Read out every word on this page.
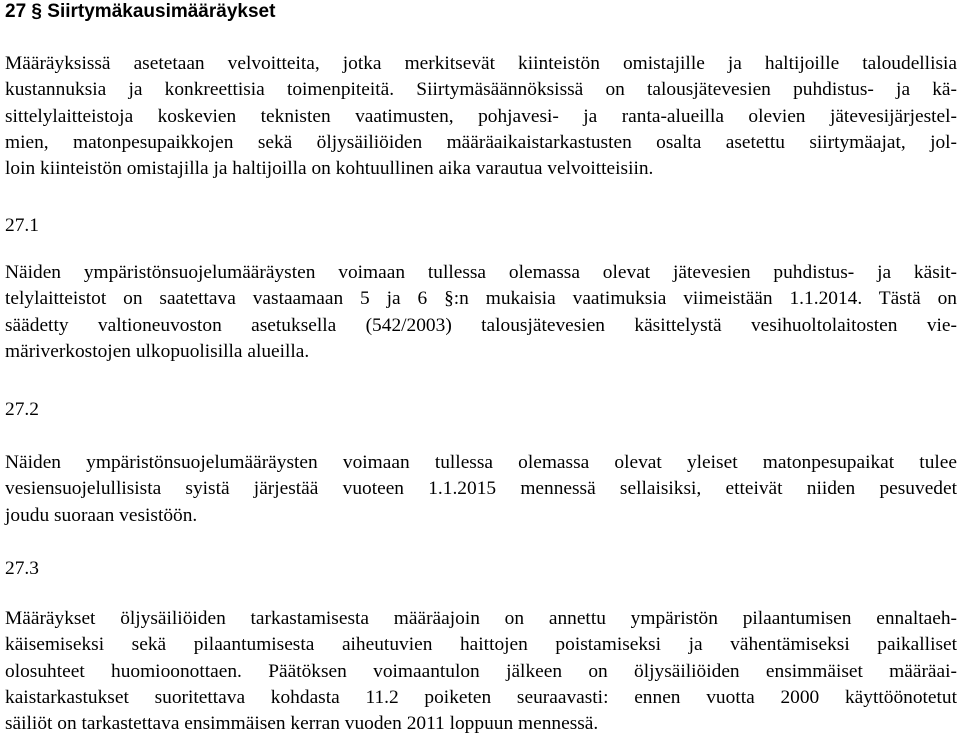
27 § Siirtymäkausimääräykset
Määräyksissä asetetaan velvoitteita, jotka merkitsevät kiinteistön omistajille ja haltijoille taloudellisia
kustannuksia ja konkreettisia toimenpiteitä. Siirtymäsäännöksissä on talousjätevesien puhdistus- ja kä-
sittelylaitteistoja koskevien teknisten vaatimusten, pohjavesi- ja ranta-alueilla olevien jätevesijärjestel-
mien, matonpesupaikkojen sekä öljysäiliöiden määräaikaistarkastusten osalta asetettu siirtymäajat, jol-
loin kiinteistön omistajilla ja haltijoilla on kohtuullinen aika varautua velvoitteisiin.
27.1
Näiden ympäristönsuojelumääräysten voimaan tullessa olemassa olevat jätevesien puhdistus- ja käsit-
telylaitteistot on saatettava vastaamaan 5 ja 6 §:n mukaisia vaatimuksia viimeistään 1.1.2014. Tästä on
säädetty valtioneuvoston asetuksella (542/2003) talousjätevesien käsittelystä vesihuoltolaitosten vie-
märiverkostojen ulkopuolisilla alueilla.
27.2
Näiden ympäristönsuojelumääräysten voimaan tullessa olemassa olevat yleiset matonpesupaikat tulee
vesiensuojelullisista syistä järjestää vuoteen 1.1.2015 mennessä sellaisiksi, etteivät niiden pesuvedet
joudu suoraan vesistöön.
27.3
Määräykset öljysäiliöiden tarkastamisesta määräajoin on annettu ympäristön pilaantumisen ennaltaeh-
käisemiseksi sekä pilaantumisesta aiheutuvien haittojen poistamiseksi ja vähentämiseksi paikalliset
olosuhteet huomioonottaen. Päätöksen voimaantulon jälkeen on öljysäiliöiden ensimmäiset määräai-
kaistarkastukset suoritettava kohdasta 11.2 poiketen seuraavasti: ennen vuotta 2000 käyttöönotetut
säiliöt on tarkastettava ensimmäisen kerran vuoden 2011 loppuun mennessä.
